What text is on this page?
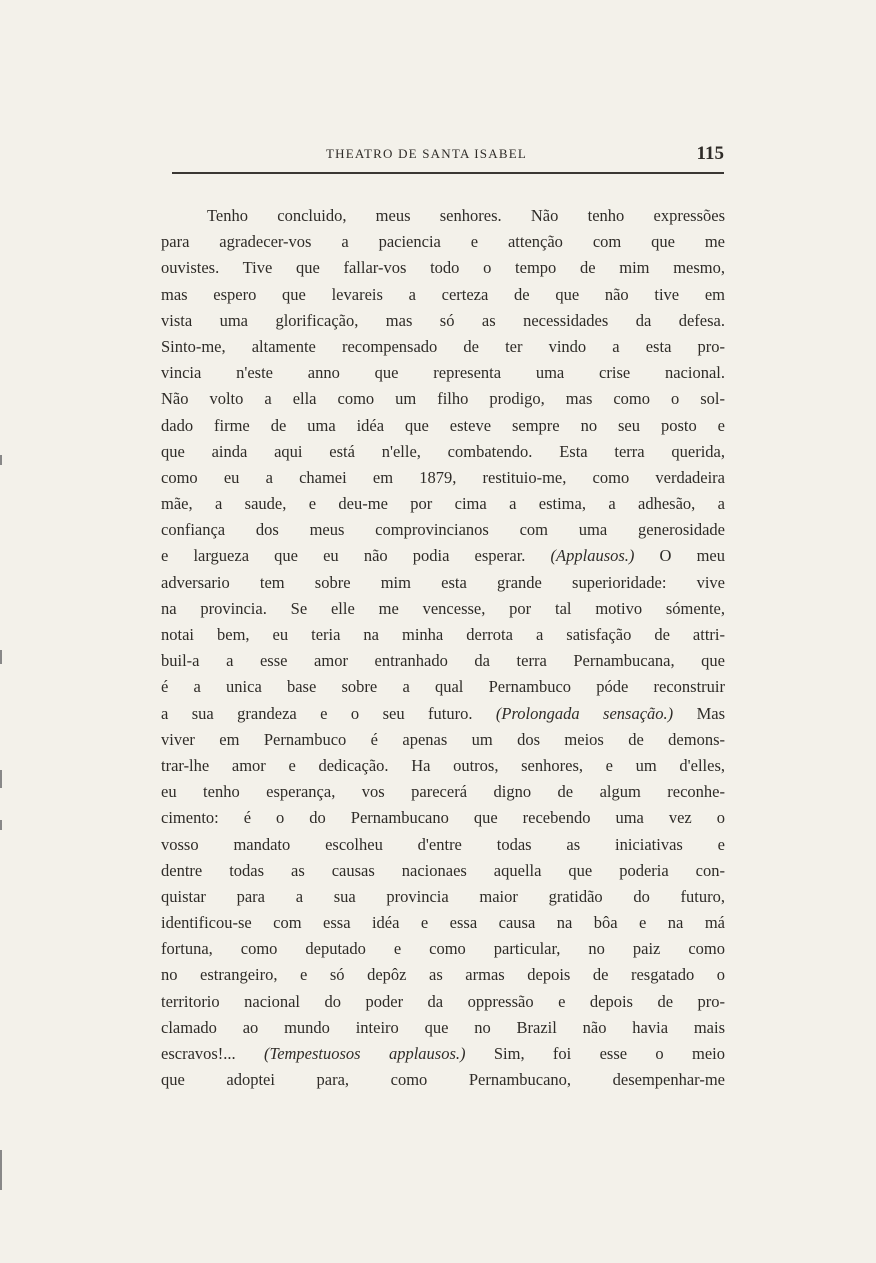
THEATRO DE SANTA ISABEL	115
Tenho concluido, meus senhores. Não tenho expressões
para agradecer-vos a paciencia e attenção com que me
ouvistes. Tive que fallar-vos todo o tempo de mim mesmo,
mas espero que levareis a certeza de que não tive em
vista uma glorificação, mas só as necessidades da defesa.
Sinto-me, altamente recompensado de ter vindo a esta pro-
vincia n'este anno que representa uma crise nacional.
Não volto a ella como um filho prodigo, mas como o sol-
dado firme de uma idéa que esteve sempre no seu posto e
que ainda aqui está n'elle, combatendo. Esta terra querida,
como eu a chamei em 1879, restituio-me, como verdadeira
mãe, a saude, e deu-me por cima a estima, a adhesão, a
confiança dos meus comprovincianos com uma generosidade
e largueza que eu não podia esperar. (Applausos.) O meu
adversario tem sobre mim esta grande superioridade: vive
na provincia. Se elle me vencesse, por tal motivo sómente,
notai bem, eu teria na minha derrota a satisfação de attri-
buil-a a esse amor entranhado da terra Pernambucana, que
é a unica base sobre a qual Pernambuco póde reconstruir
a sua grandeza e o seu futuro. (Prolongada sensação.) Mas
viver em Pernambuco é apenas um dos meios de demons-
trar-lhe amor e dedicação. Ha outros, senhores, e um d'elles,
eu tenho esperança, vos parecerá digno de algum reconhe-
cimento: é o do Pernambucano que recebendo uma vez o
vosso mandato escolheu d'entre todas as iniciativas e
dentre todas as causas nacionaes aquella que poderia con-
quistar para a sua provincia maior gratidão do futuro,
identificou-se com essa idéa e essa causa na bôa e na má
fortuna, como deputado e como particular, no paiz como
no estrangeiro, e só depôz as armas depois de resgatado o
territorio nacional do poder da oppressão e depois de pro-
clamado ao mundo inteiro que no Brazil não havia mais
escravos!... (Tempestuosos applausos.) Sim, foi esse o meio
que adoptei para, como Pernambucano, desempenhar-me
